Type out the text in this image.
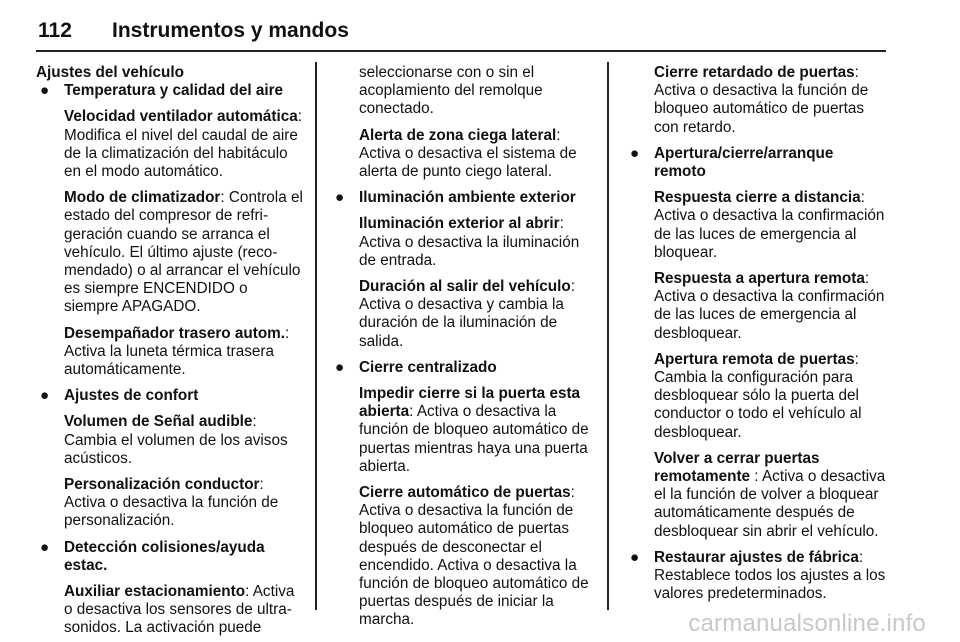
112	Instrumentos y mandos

Ajustes del vehículo

● Temperatura y calidad del aire

Velocidad ventilador automática: Modifica el nivel del caudal de aire de la climatización del habitáculo en el modo automático.

Modo de climatizador: Controla el estado del compresor de refrigeración cuando se arranca el vehículo. El último ajuste (recomendado) o al arrancar el vehículo es siempre ENCENDIDO o siempre APAGADO.

Desempañador trasero autom.: Activa la luneta térmica trasera automáticamente.

● Ajustes de confort

Volumen de Señal audible: Cambia el volumen de los avisos acústicos.

Personalización conductor: Activa o desactiva la función de personalización.

● Detección colisiones/ayuda estac.

Auxiliar estacionamiento: Activa o desactiva los sensores de ultrasonidos. La activación puede

seleccionarse con o sin el acoplamiento del remolque conectado.

Alerta de zona ciega lateral: Activa o desactiva el sistema de alerta de punto ciego lateral.

● Iluminación ambiente exterior

Iluminación exterior al abrir: Activa o desactiva la iluminación de entrada.

Duración al salir del vehículo: Activa o desactiva y cambia la duración de la iluminación de salida.

● Cierre centralizado

Impedir cierre si la puerta esta abierta: Activa o desactiva la función de bloqueo automático de puertas mientras haya una puerta abierta.

Cierre automático de puertas: Activa o desactiva la función de bloqueo automático de puertas después de desconectar el encendido. Activa o desactiva la función de bloqueo automático de puertas después de iniciar la marcha.

Cierre retardado de puertas: Activa o desactiva la función de bloqueo automático de puertas con retardo.

● Apertura/cierre/arranque remoto

Respuesta cierre a distancia: Activa o desactiva la confirmación de las luces de emergencia al bloquear.

Respuesta a apertura remota: Activa o desactiva la confirmación de las luces de emergencia al desbloquear.

Apertura remota de puertas: Cambia la configuración para desbloquear sólo la puerta del conductor o todo el vehículo al desbloquear.

Volver a cerrar puertas remotamente : Activa o desactiva el la función de volver a bloquear automáticamente después de desbloquear sin abrir el vehículo.

● Restaurar ajustes de fábrica:
Restablece todos los ajustes a los valores predeterminados.

carmanualsonline.info
